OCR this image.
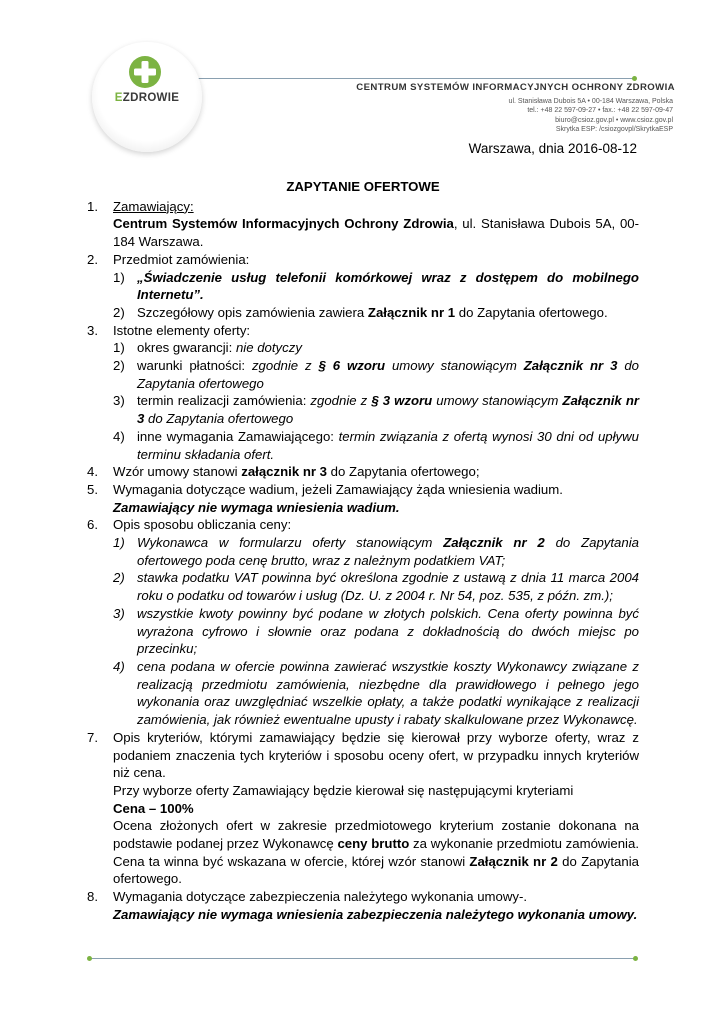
EZDROWIE
CENTRUM SYSTEMÓW INFORMACYJNYCH OCHRONY ZDROWIA
ul. Stanisława Dubois 5A • 00-184 Warszawa, Polska
tel.: +48 22 597-09-27 • fax.: +48 22 597-09-47
biuro@csioz.gov.pl • www.csioz.gov.pl
Skrytka ESP: /csiozgovpl/SkrytkaESP
Warszawa, dnia 2016-08-12
ZAPYTANIE OFERTOWE
1. Zamawiający:
Centrum Systemów Informacyjnych Ochrony Zdrowia, ul. Stanisława Dubois 5A, 00-184 Warszawa.
2. Przedmiot zamówienia:
1) „Świadczenie usług telefonii komórkowej wraz z dostępem do mobilnego Internetu”.
2) Szczegółowy opis zamówienia zawiera Załącznik nr 1 do Zapytania ofertowego.
3. Istotne elementy oferty:
1) okres gwarancji: nie dotyczy
2) warunki płatności: zgodnie z § 6 wzoru umowy stanowiącym Załącznik nr 3 do Zapytania ofertowego
3) termin realizacji zamówienia: zgodnie z § 3 wzoru umowy stanowiącym Załącznik nr 3 do Zapytania ofertowego
4) inne wymagania Zamawiającego: termin związania z ofertą wynosi 30 dni od upływu terminu składania ofert.
4.	Wzór umowy stanowi załącznik nr 3 do Zapytania ofertowego;
5. Wymagania dotyczące wadium, jeżeli Zamawiający żąda wniesienia wadium.
Zamawiający nie wymaga wniesienia wadium.
6. Opis sposobu obliczania ceny:
1) Wykonawca w formularzu oferty stanowiącym Załącznik nr 2 do Zapytania ofertowego poda cenę brutto, wraz z należnym podatkiem VAT;
2) stawka podatku VAT powinna być określona zgodnie z ustawą z dnia 11 marca 2004 roku o podatku od towarów i usług (Dz. U. z 2004 r. Nr 54, poz. 535, z późn. zm.);
3) wszystkie kwoty powinny być podane w złotych polskich. Cena oferty powinna być wyrażona cyfrowo i słownie oraz podana z dokładnością do dwóch miejsc po przecinku;
4) cena podana w ofercie powinna zawierać wszystkie koszty Wykonawcy związane z realizacją przedmiotu zamówienia, niezbędne dla prawidłowego i pełnego jego wykonania oraz uwzględniać wszelkie opłaty, a także podatki wynikające z realizacji zamówienia, jak również ewentualne upusty i rabaty skalkulowane przez Wykonawcę.
7. Opis kryteriów, którymi zamawiający będzie się kierował przy wyborze oferty, wraz z podaniem znaczenia tych kryteriów i sposobu oceny ofert, w przypadku innych kryteriów niż cena.
Przy wyborze oferty Zamawiający będzie kierował się następującymi kryteriami
Cena – 100%
Ocena złożonych ofert w zakresie przedmiotowego kryterium zostanie dokonana na podstawie podanej przez Wykonawcę ceny brutto za wykonanie przedmiotu zamówienia. Cena ta winna być wskazana w ofercie, której wzór stanowi Załącznik nr 2 do Zapytania ofertowego.
8. Wymagania dotyczące zabezpieczenia należytego wykonania umowy-.
Zamawiający nie wymaga wniesienia zabezpieczenia należytego wykonania umowy.
